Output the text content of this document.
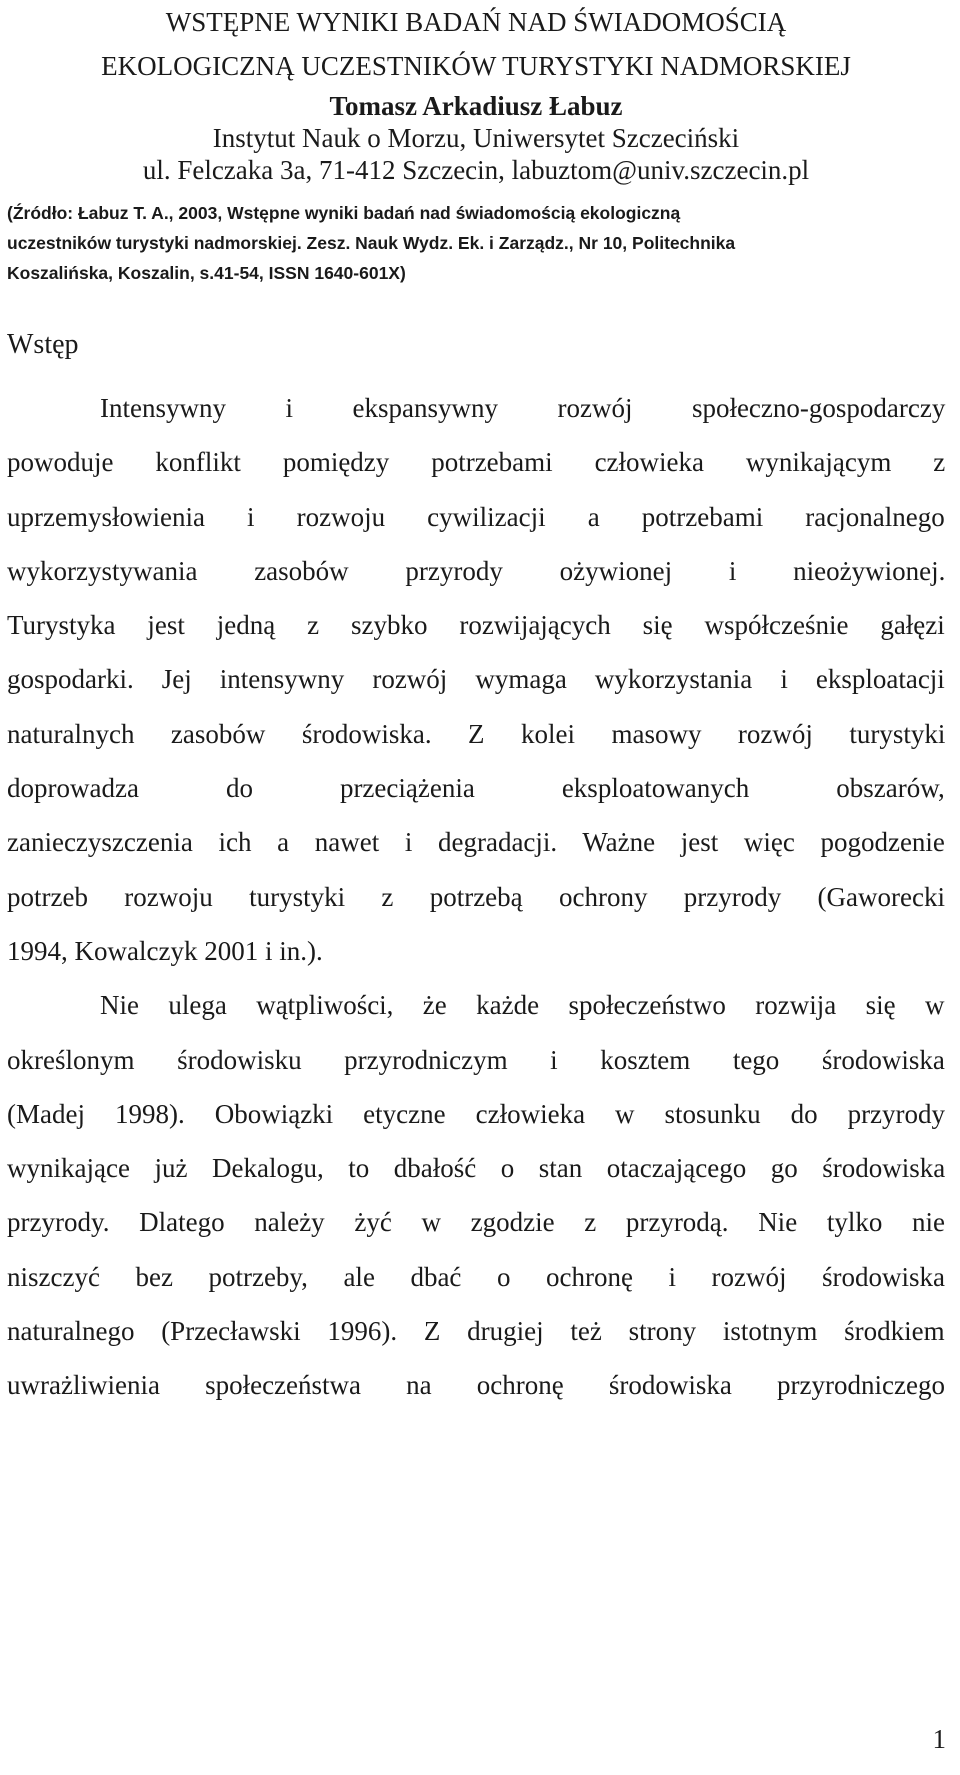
WSTĘPNE WYNIKI BADAŃ NAD ŚWIADOMOŚCIĄ
EKOLOGICZNĄ UCZESTNIKÓW TURYSTYKI NADMORSKIEJ
Tomasz Arkadiusz Łabuz
Instytut Nauk o Morzu, Uniwersytet Szczeciński
ul. Felczaka 3a, 71-412 Szczecin, labuztom@univ.szczecin.pl
(Źródło: Łabuz T. A., 2003, Wstępne wyniki badań nad świadomością ekologiczną
uczestników turystyki nadmorskiej. Zesz. Nauk Wydz. Ek. i Zarządz., Nr 10, Politechnika
Koszalińska, Koszalin, s.41-54, ISSN 1640-601X)
Wstęp

Intensywny i ekspansywny rozwój społeczno-gospodarczy
powoduje konflikt pomiędzy potrzebami człowieka wynikającym z
uprzemysłowienia i rozwoju cywilizacji a potrzebami racjonalnego
wykorzystywania zasobów przyrody ożywionej i nieożywionej.
Turystyka jest jedną z szybko rozwijających się współcześnie gałęzi
gospodarki. Jej intensywny rozwój wymaga wykorzystania i eksploatacji
naturalnych zasobów środowiska. Z kolei masowy rozwój turystyki
doprowadza do przeciążenia eksploatowanych obszarów,
zanieczyszczenia ich a nawet i degradacji. Ważne jest więc pogodzenie
potrzeb rozwoju turystyki z potrzebą ochrony przyrody (Gaworecki
1994, Kowalczyk 2001 i in.).

Nie ulega wątpliwości, że każde społeczeństwo rozwija się w
określonym środowisku przyrodniczym i kosztem tego środowiska
(Madej 1998). Obowiązki etyczne człowieka w stosunku do przyrody
wynikające już Dekalogu, to dbałość o stan otaczającego go środowiska
przyrody. Dlatego należy żyć w zgodzie z przyrodą. Nie tylko nie
niszczyć bez potrzeby, ale dbać o ochronę i rozwój środowiska
naturalnego (Przecławski 1996). Z drugiej też strony istotnym środkiem
uwrażliwienia społeczeństwa na ochronę środowiska przyrodniczego

1
